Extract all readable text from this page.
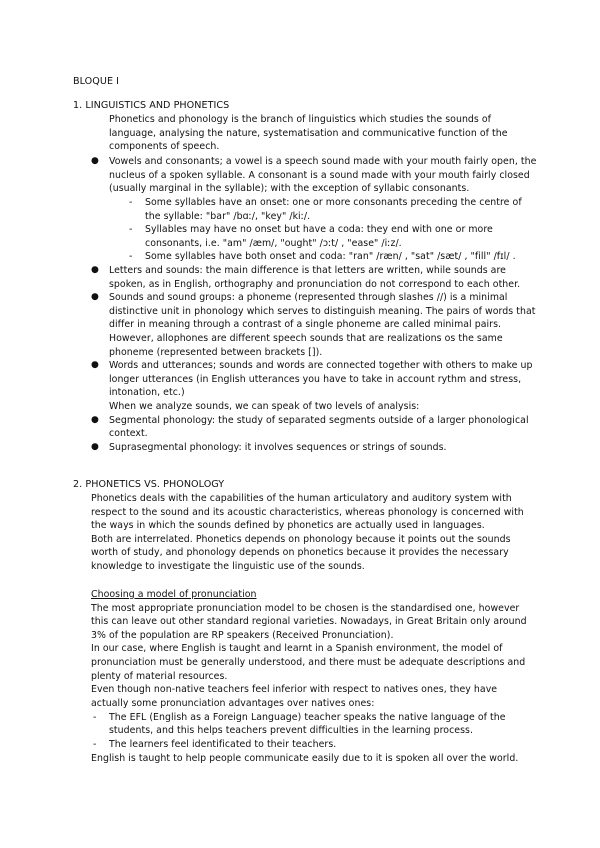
BLOQUE I
1. LINGUISTICS AND PHONETICS
Phonetics and phonology is the branch of linguistics which studies the sounds of
language, analysing the nature, systematisation and communicative function of the
components of speech.
● Vowels and consonants; a vowel is a speech sound made with your mouth fairly open, the
nucleus of a spoken syllable. A consonant is a sound made with your mouth fairly closed
(usually marginal in the syllable); with the exception of syllabic consonants.
- Some syllables have an onset: one or more consonants preceding the centre of
the syllable: "bar" /bɑː/, "key" /kiː/.
- Syllables may have no onset but have a coda: they end with one or more
consonants, i.e. "am" /æm/, "ought" /ɔːt/ , "ease" /iːz/.
- Some syllables have both onset and coda: "ran" /ræn/ , "sat" /sæt/ , "fill" /fɪl/ .
● Letters and sounds: the main difference is that letters are written, while sounds are
spoken, as in English, orthography and pronunciation do not correspond to each other.
● Sounds and sound groups: a phoneme (represented through slashes //) is a minimal
distinctive unit in phonology which serves to distinguish meaning. The pairs of words that
differ in meaning through a contrast of a single phoneme are called minimal pairs.
However, allophones are different speech sounds that are realizations os the same
phoneme (represented between brackets []).
● Words and utterances; sounds and words are connected together with others to make up
longer utterances (in English utterances you have to take in account rythm and stress,
intonation, etc.)
When we analyze sounds, we can speak of two levels of analysis:
● Segmental phonology: the study of separated segments outside of a larger phonological
context.
● Suprasegmental phonology: it involves sequences or strings of sounds.
2. PHONETICS VS. PHONOLOGY
Phonetics deals with the capabilities of the human articulatory and auditory system with
respect to the sound and its acoustic characteristics, whereas phonology is concerned with
the ways in which the sounds defined by phonetics are actually used in languages.
Both are interrelated. Phonetics depends on phonology because it points out the sounds
worth of study, and phonology depends on phonetics because it provides the necessary
knowledge to investigate the linguistic use of the sounds.
Choosing a model of pronunciation
The most appropriate pronunciation model to be chosen is the standardised one, however
this can leave out other standard regional varieties. Nowadays, in Great Britain only around
3% of the population are RP speakers (Received Pronunciation).
In our case, where English is taught and learnt in a Spanish environment, the model of
pronunciation must be generally understood, and there must be adequate descriptions and
plenty of material resources.
Even though non-native teachers feel inferior with respect to natives ones, they have
actually some pronunciation advantages over natives ones:
- The EFL (English as a Foreign Language) teacher speaks the native language of the
students, and this helps teachers prevent difficulties in the learning process.
- The learners feel identificated to their teachers.
English is taught to help people communicate easily due to it is spoken all over the world.
